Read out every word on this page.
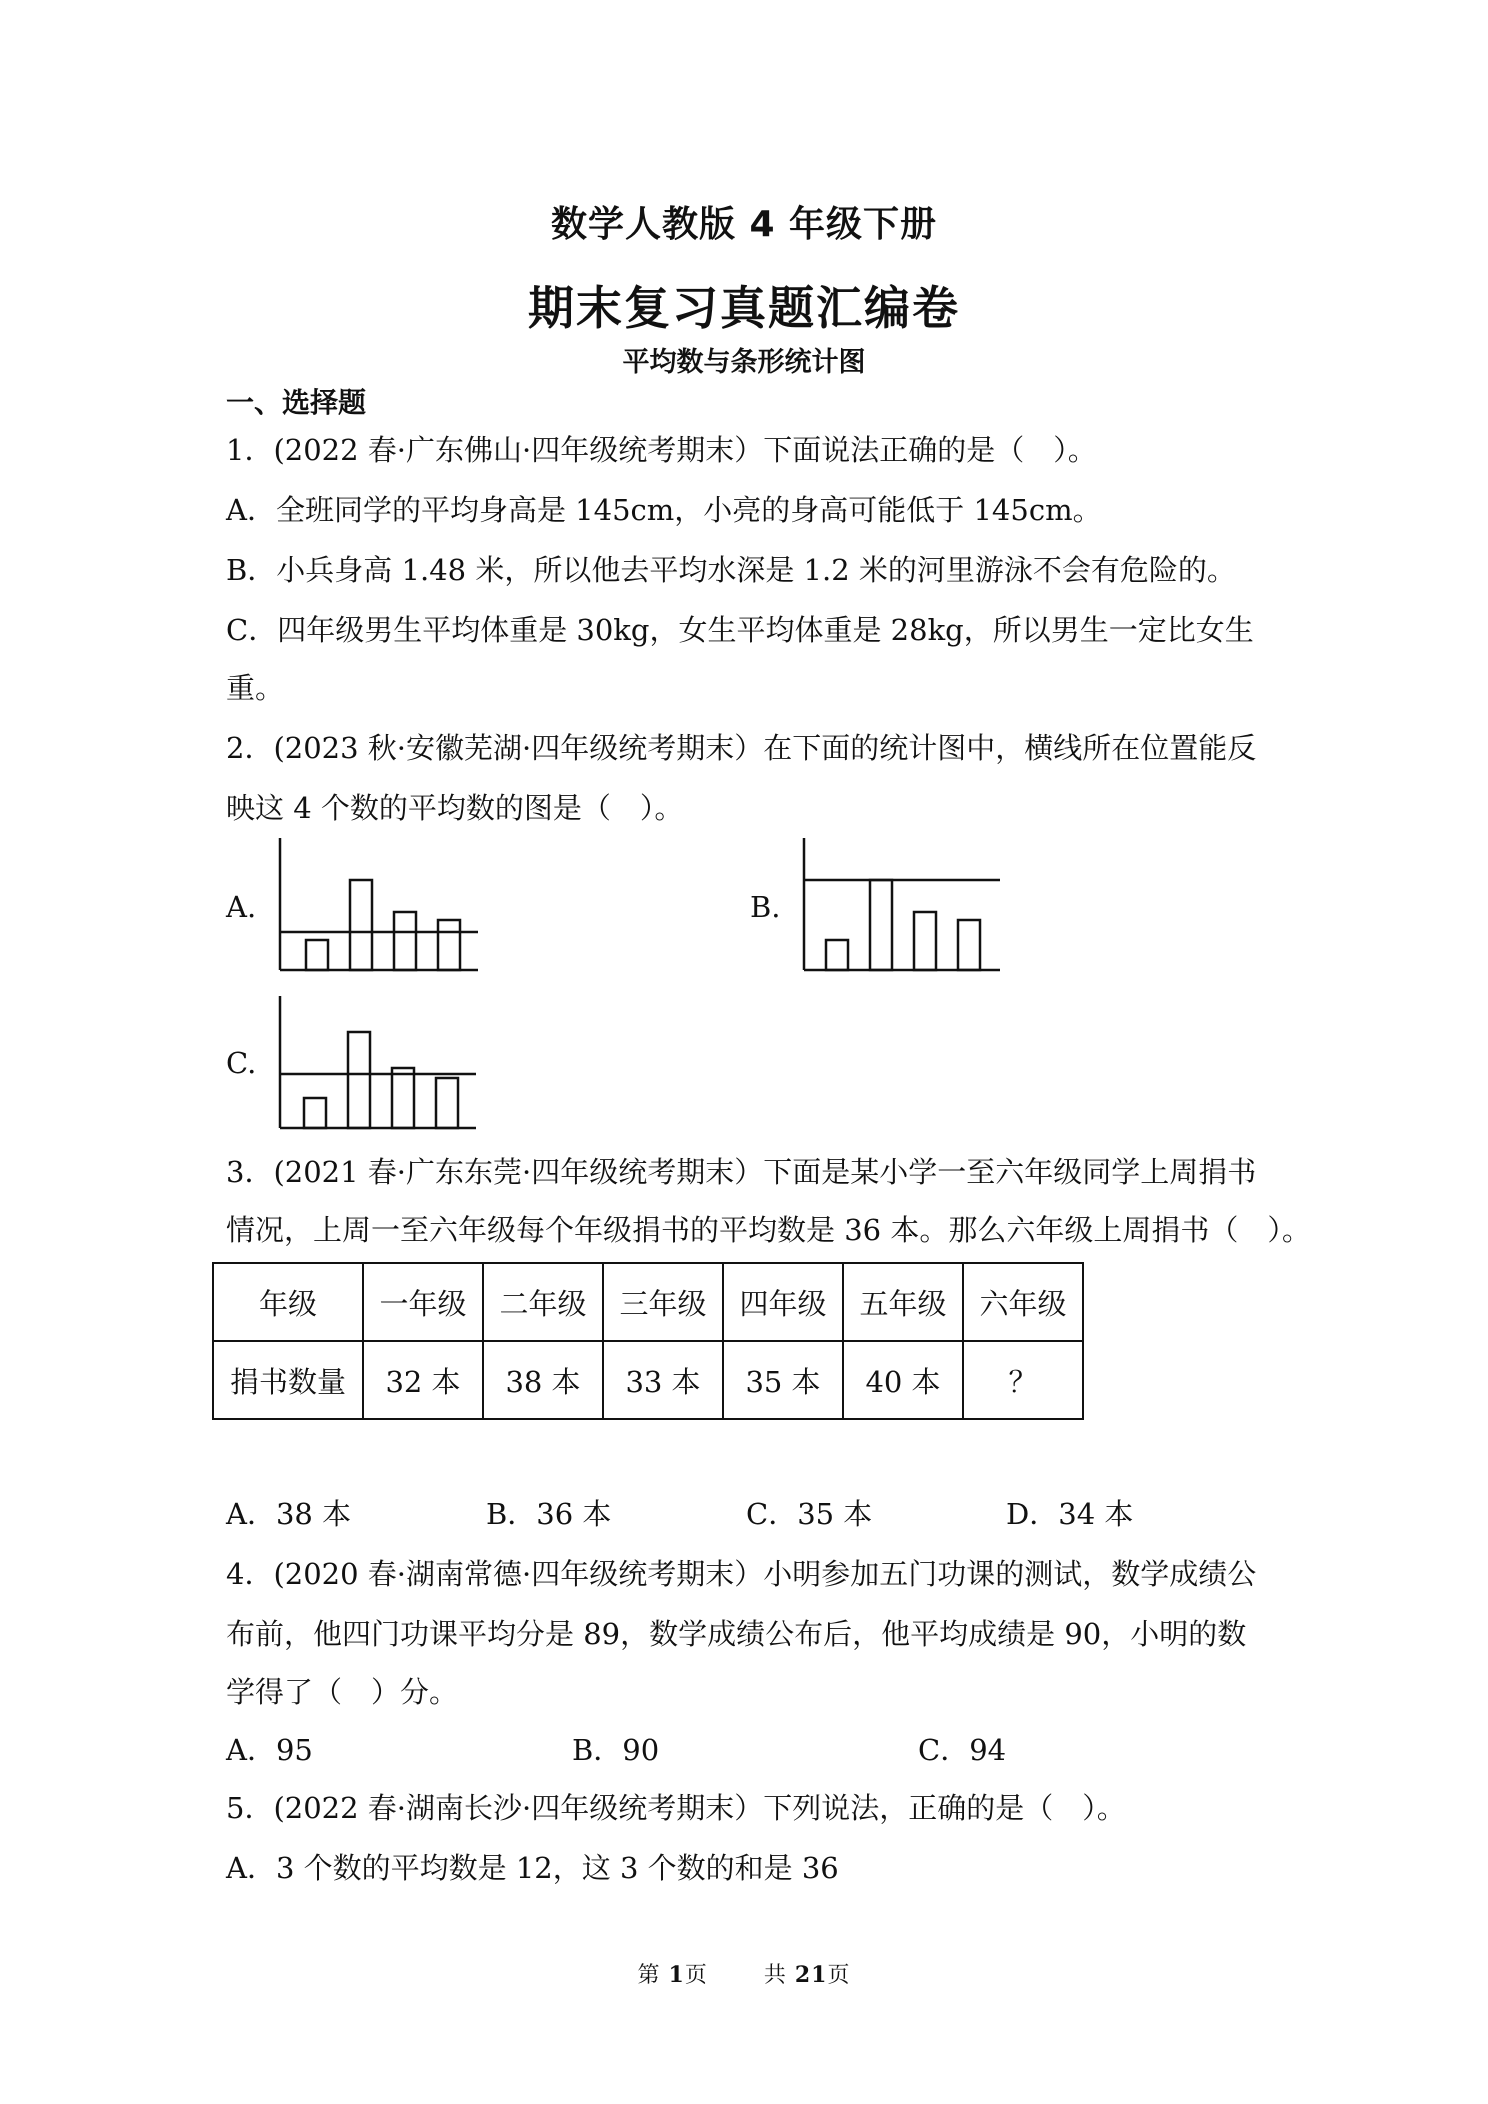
数学人教版 4 年级下册
期末复习真题汇编卷
平均数与条形统计图
一、选择题
1．(2022 春·广东佛山·四年级统考期末）下面说法正确的是（　）。
A．全班同学的平均身高是 145cm，小亮的身高可能低于 145cm。
B．小兵身高 1.48 米，所以他去平均水深是 1.2 米的河里游泳不会有危险的。
C．四年级男生平均体重是 30kg，女生平均体重是 28kg，所以男生一定比女生
重。
2．(2023 秋·安徽芜湖·四年级统考期末）在下面的统计图中，横线所在位置能反
映这 4 个数的平均数的图是（　）。
A.	B.
C.
3．(2021 春·广东东莞·四年级统考期末）下面是某小学一至六年级同学上周捐书
情况，上周一至六年级每个年级捐书的平均数是 36 本。那么六年级上周捐书（　）。
年级	一年级	二年级	三年级	四年级	五年级	六年级
捐书数量	32 本	38 本	33 本	35 本	40 本	？
A．38 本	B．36 本	C．35 本	D．34 本
4．(2020 春·湖南常德·四年级统考期末）小明参加五门功课的测试，数学成绩公
布前，他四门功课平均分是 89，数学成绩公布后，他平均成绩是 90，小明的数
学得了（　）分。
A．95	B．90	C．94
5．(2022 春·湖南长沙·四年级统考期末）下列说法，正确的是（　）。
A．3 个数的平均数是 12，这 3 个数的和是 36
第 1页	共 21页
